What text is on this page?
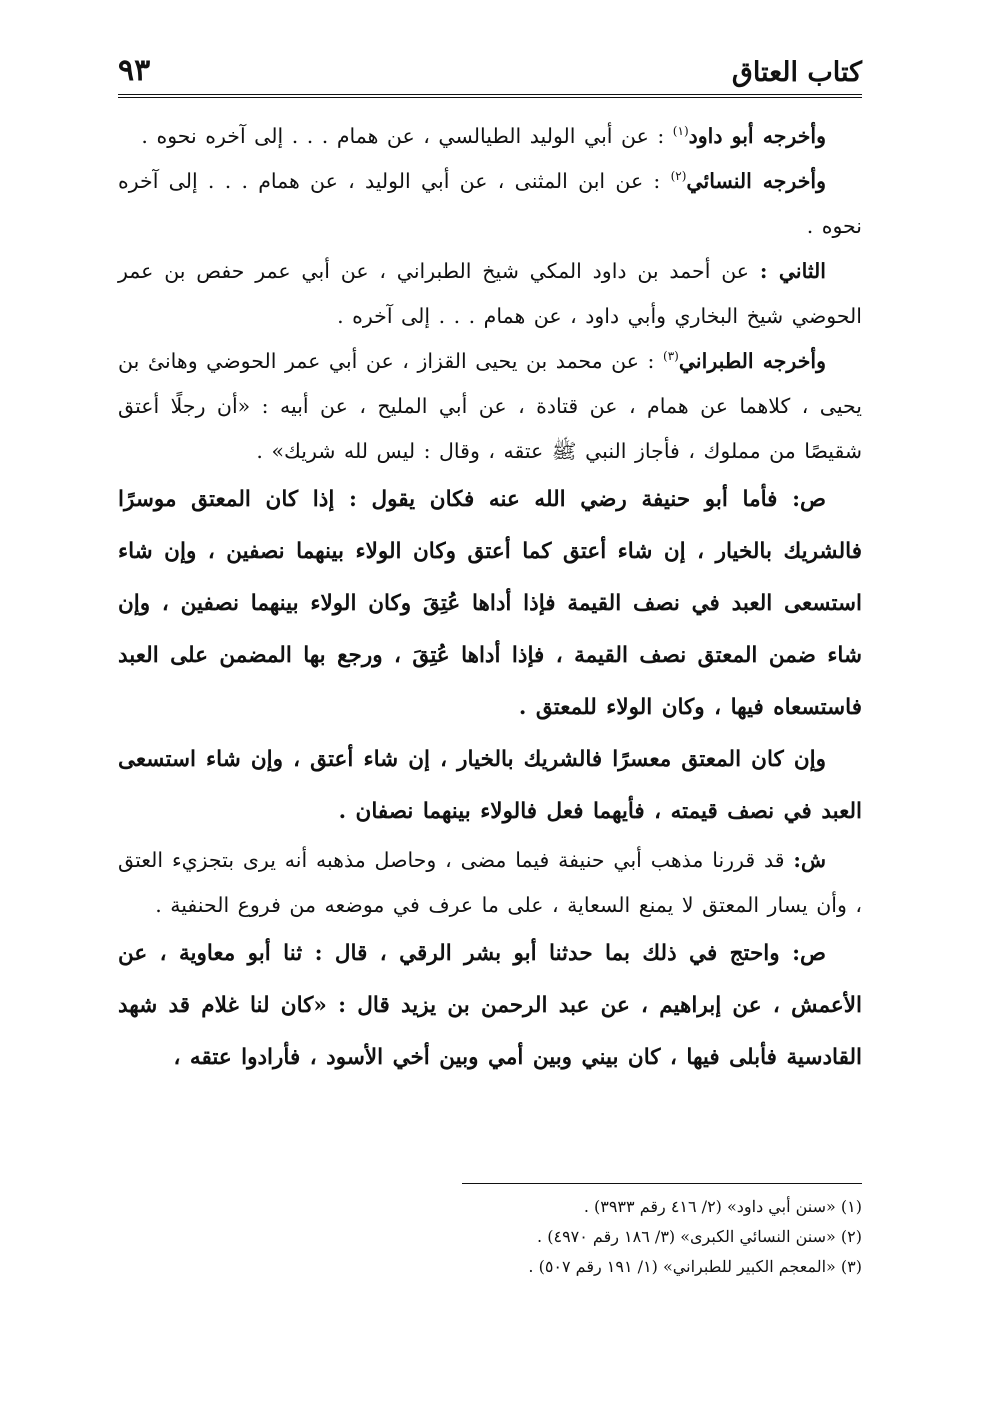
كتاب العتاق
٩٣

وأخرجه أبو داود$^{(١)}$ : عن أبي الوليد الطيالسي ، عن همام . . . إلى آخره نحوه .

وأخرجه النسائي$^{(٢)}$ : عن ابن المثنى ، عن أبي الوليد ، عن همام . . . إلى آخره نحوه .

الثاني : عن أحمد بن داود المكي شيخ الطبراني ، عن أبي عمر حفص بن عمر الحوضي شيخ البخاري وأبي داود ، عن همام . . . إلى آخره .

وأخرجه الطبراني$^{(٣)}$ : عن محمد بن يحيى القزاز ، عن أبي عمر الحوضي وهانئ بن يحيى ، كلاهما عن همام ، عن قتادة ، عن أبي المليح ، عن أبيه : «أن رجلًا أعتق شقيصًا من مملوك ، فأجاز النبي ﷺ عتقه ، وقال : ليس لله شريك» .

ص: فأما أبو حنيفة رضي الله عنه فكان يقول : إذا كان المعتق موسرًا فالشريك بالخيار ، إن شاء أعتق كما أعتق وكان الولاء بينهما نصفين ، وإن شاء استسعى العبد في نصف القيمة فإذا أداها عُتِقَ وكان الولاء بينهما نصفين ، وإن شاء ضمن المعتق نصف القيمة ، فإذا أداها عُتِقَ ، ورجع بها المضمن على العبد فاستسعاه فيها ، وكان الولاء للمعتق .

وإن كان المعتق معسرًا فالشريك بالخيار ، إن شاء أعتق ، وإن شاء استسعى العبد في نصف قيمته ، فأيهما فعل فالولاء بينهما نصفان .

ش: قد قررنا مذهب أبي حنيفة فيما مضى ، وحاصل مذهبه أنه يرى بتجزيء العتق ، وأن يسار المعتق لا يمنع السعاية ، على ما عرف في موضعه من فروع الحنفية .

ص: واحتج في ذلك بما حدثنا أبو بشر الرقي ، قال : ثنا أبو معاوية ، عن الأعمش ، عن إبراهيم ، عن عبد الرحمن بن يزيد قال : «كان لنا غلام قد شهد القادسية فأبلى فيها ، كان بيني وبين أمي وبين أخي الأسود ، فأرادوا عتقه ،

(١) «سنن أبي داود» (٢/ ٤١٦ رقم ٣٩٣٣) .

(٢) «سنن النسائي الكبرى» (٣/ ١٨٦ رقم ٤٩٧٠) .

(٣) «المعجم الكبير للطبراني» (١/ ١٩١ رقم ٥٠٧) .
